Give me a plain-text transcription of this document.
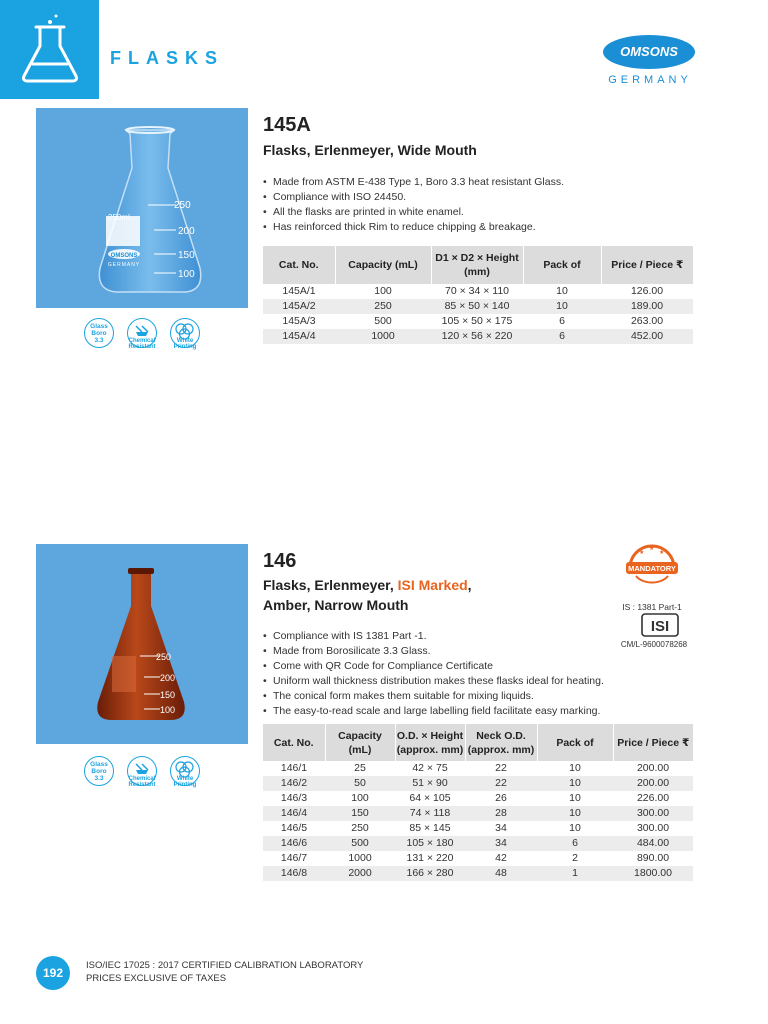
FLASKS	OMSONS
GERMANY
250mL
OMSONS
GERMANY
250
200
150
100
Glass
Boro
3.3	Chemical
Resistant
White
Printing
145A
Flasks, Erlenmeyer, Wide Mouth
• Made from ASTM E-438 Type 1, Boro 3.3 heat resistant Glass.
• Compliance with ISO 24450.
• All the flasks are printed in white enamel.
• Has reinforced thick Rim to reduce chipping & breakage.
Cat. No.	Capacity (mL)	D1 × D2 × Height (mm)	Pack of	Price / Piece ₹
145A/1	100	70 × 34 × 110	10	126.00
145A/2	250	85 × 50 × 140	10	189.00
145A/3	500	105 × 50 × 175	6	263.00
145A/4	1000	120 × 56 × 220	6	452.00
250
200
150
100
Glass
Boro
3.3	Chemical
Resistant
White
Printing
146
Flasks, Erlenmeyer, ISI Marked,
Amber, Narrow Mouth
★
★
★
MANDATORY
IS : 1381 Part-1
ISI
CM/L-9600078268
• Compliance with IS 1381 Part -1.
• Made from Borosilicate 3.3 Glass.
• Come with QR Code for Compliance Certificate
• Uniform wall thickness distribution makes these flasks ideal for heating.
• The conical form makes them suitable for mixing liquids.
• The easy-to-read scale and large labelling field facilitate easy marking.
Cat. No.	Capacity (mL)	O.D. × Height (approx. mm)	Neck O.D. (approx. mm)	Pack of	Price / Piece ₹
146/1	25	42 × 75	22	10	200.00
146/2	50	51 × 90	22	10	200.00
146/3	100	64 × 105	26	10	226.00
146/4	150	74 × 118	28	10	300.00
146/5	250	85 × 145	34	10	300.00
146/6	500	105 × 180	34	6	484.00
146/7	1000	131 × 220	42	2	890.00
146/8	2000	166 × 280	48	1	1800.00
192
ISO/IEC 17025 : 2017 CERTIFIED CALIBRATION LABORATORY
PRICES EXCLUSIVE OF TAXES
